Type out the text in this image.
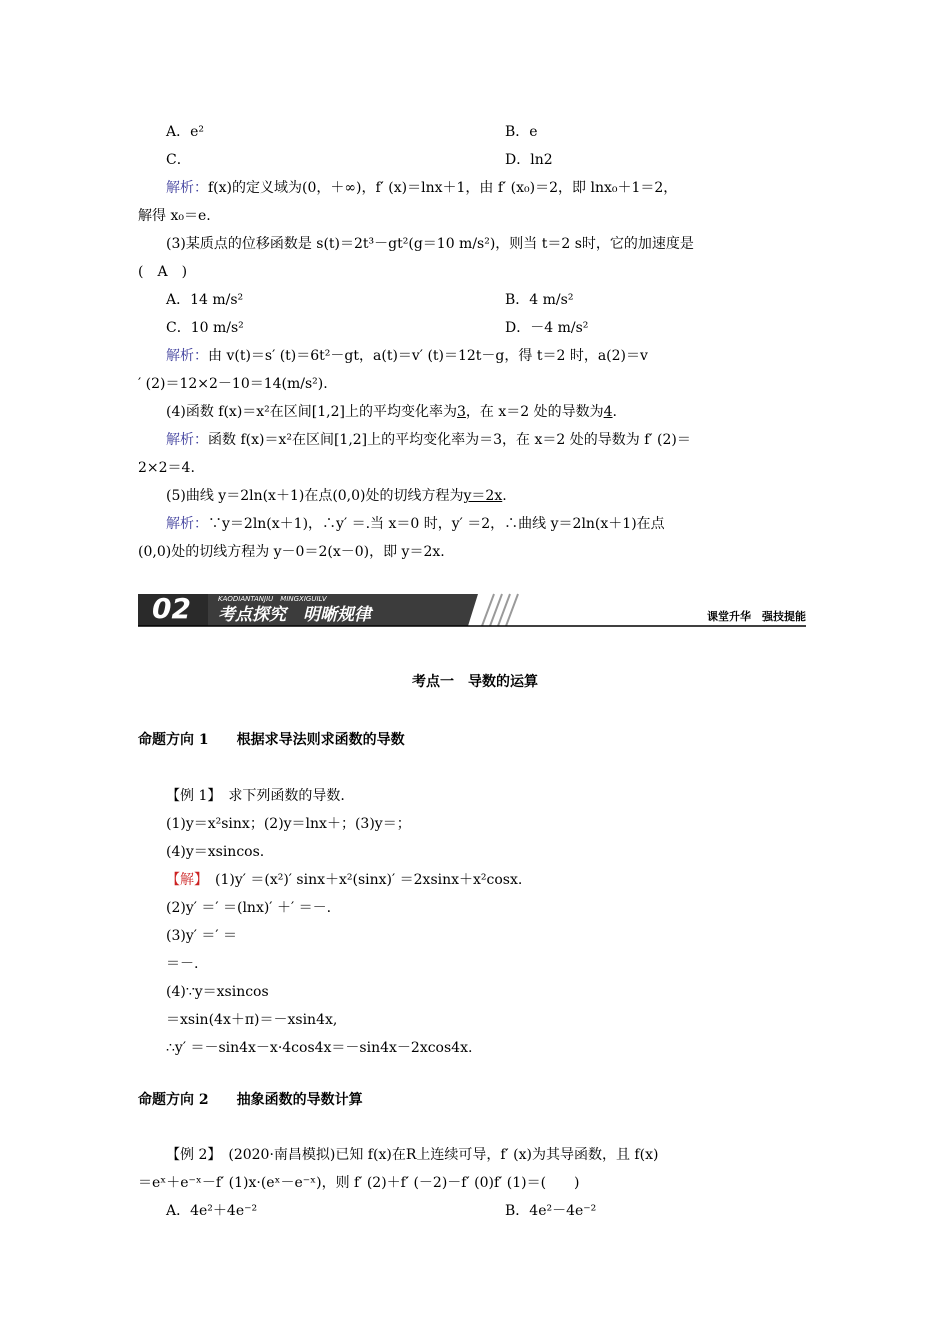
A．e²	B．e
C．	D．ln2
解析：f(x)的定义域为(0，＋∞)，f′ (x)＝lnx＋1，由 f′ (x₀)＝2，即 lnx₀＋1＝2，
解得 x₀＝e.
(3)某质点的位移函数是 s(t)＝2t³－gt²(g＝10 m/s²)，则当 t＝2 s时，它的加速度是
(　A　)
A．14 m/s²	B．4 m/s²
C．10 m/s²	D．－4 m/s²
解析：由 v(t)＝s′ (t)＝6t²－gt，a(t)＝v′ (t)＝12t－g，得 t＝2 时，a(2)＝v
′ (2)＝12×2－10＝14(m/s²).
(4)函数 f(x)＝x²在区间[1,2]上的平均变化率为3，在 x＝2 处的导数为4.
解析：函数 f(x)＝x²在区间[1,2]上的平均变化率为＝3，在 x＝2 处的导数为 f′ (2)＝
2×2＝4.
(5)曲线 y＝2ln(x＋1)在点(0,0)处的切线方程为y＝2x.
解析：∵y＝2ln(x＋1)，∴y′ ＝.当 x＝0 时，y′ ＝2，∴曲线 y＝2ln(x＋1)在点
(0,0)处的切线方程为 y－0＝2(x－0)，即 y＝2x.
02	KAODIANTANJIU　MINGXIGUILV
考点探究　明晰规律	课堂升华　强技提能
考点一　导数的运算
命题方向 1　　根据求导法则求函数的导数
【例 1】　 求下列函数的导数.
(1)y＝x²sinx；(2)y＝lnx＋；(3)y＝；
(4)y＝xsincos.
【解】　 (1)y′ ＝(x²)′ sinx＋x²(sinx)′ ＝2xsinx＋x²cosx.
(2)y′ ＝′ ＝(lnx)′ ＋′ ＝－.
(3)y′ ＝′ ＝
＝－.
(4)∵y＝xsincos
＝xsin(4x＋π)＝－xsin4x,
∴y′ ＝－sin4x－x·4cos4x＝－sin4x－2xcos4x.
命题方向 2　　抽象函数的导数计算
【例 2】　 (2020·南昌模拟)已知 f(x)在R上连续可导，f′ (x)为其导函数，且 f(x)
＝eˣ＋e⁻ˣ－f′ (1)x·(eˣ－e⁻ˣ)，则 f′ (2)＋f′ (－2)－f′ (0)f′ (1)＝(　　)
A．4e²＋4e⁻²	B．4e²－4e⁻²
